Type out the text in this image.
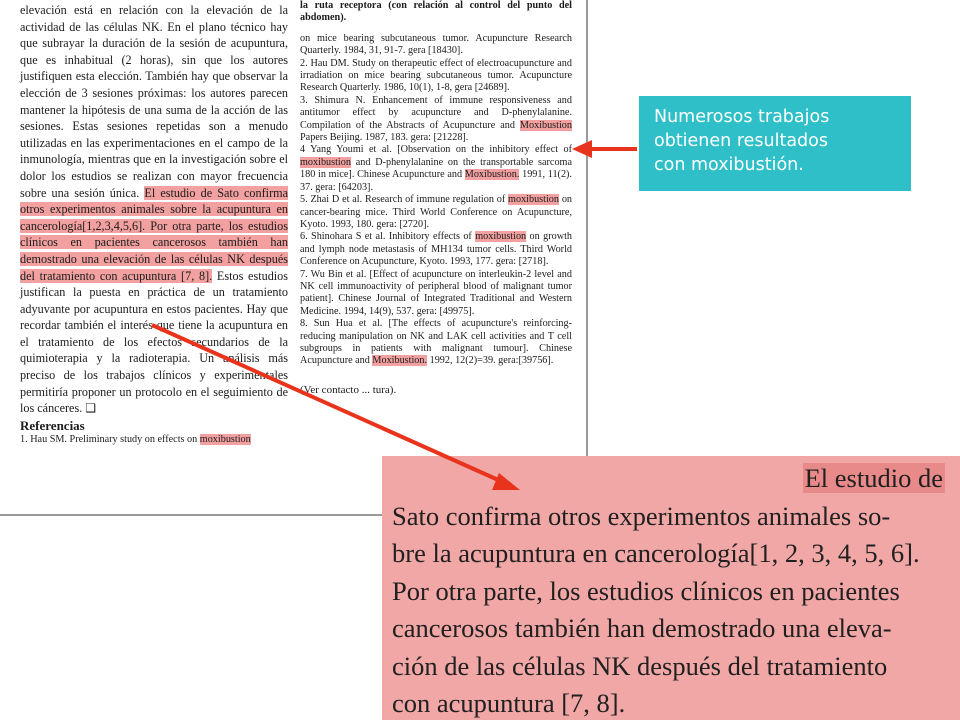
elevación está en relación con la elevación de la actividad de las células NK. En el plano técnico hay que subrayar la duración de la sesión de acupuntura, que es inhabitual (2 horas), sin que los autores justifiquen esta elección. También hay que observar la elección de 3 sesiones próximas: los autores parecen mantener la hipótesis de una suma de la acción de las sesiones. Estas sesiones repetidas son a menudo utilizadas en las experimentaciones en el campo de la inmunología, mientras que en la investigación sobre el dolor los estudios se realizan con mayor frecuencia sobre una sesión única. El estudio de Sato confirma otros experimentos animales sobre la acupuntura en cancerología[1,2,3,4,5,6]. Por otra parte, los estudios clínicos en pacientes cancerosos también han demostrado una elevación de las células NK después del tratamiento con acupuntura [7, 8]. Estos estudios justifican la puesta en práctica de un tratamiento adyuvante por acupuntura en estos pacientes. Hay que recordar también el interés que tiene la acupuntura en el tratamiento de los efectos secundarios de la quimioterapia y la radioterapia. Un análisis más preciso de los trabajos clínicos y experimentales permitiría proponer un protocolo en el seguimiento de los cánceres. ❑

Referencias

1. Hau SM. Preliminary study on effects on moxibustion

la ruta receptora (con relación al control del punto del abdomen).

on mice bearing subcutaneous tumor. Acupuncture Research Quarterly. 1984, 31, 91-7. gera [18430].

2. Hau DM. Study on therapeutic effect of electroacupuncture and irradiation on mice bearing subcutaneous tumor. Acupuncture Research Quarterly. 1986, 10(1), 1-8, gera [24689].

3. Shimura N. Enhancement of immune responsiveness and antitumor effect by acupuncture and D-phenylalanine. Compilation of the Abstracts of Acupuncture and Moxibustion Papers Beijing. 1987, 183. gera: [21228].

4 Yang Youmi et al. [Observation on the inhibitory effect of moxibustion and D-phenylalanine on the transportable sarcoma 180 in mice]. Chinese Acupuncture and Moxibustion. 1991, 11(2). 37. gera: [64203].

5. Zhai D et al. Research of immune regulation of moxibustion on cancer-bearing mice. Third World Conference on Acupuncture, Kyoto. 1993, 180. gera: [2720].

6. Shinohara S et al. Inhibitory effects of moxibustion on growth and lymph node metastasis of MH134 tumor cells. Third World Conference on Acupuncture, Kyoto. 1993, 177. gera: [2718].

7. Wu Bin et al. [Effect of acupuncture on interleukin-2 level and NK cell immunoactivity of peripheral blood of malignant tumor patient]. Chinese Journal of Integrated Traditional and Western Medicine. 1994, 14(9), 537. gera: [49975].

8. Sun Hua et al. [The effects of acupuncture's reinforcing-reducing manipulation on NK and LAK cell activities and T cell subgroups in patients with malignant tumour]. Chinese Acupuncture and Moxibustion. 1992, 12(2)=39. gera:[39756].

(Ver contacto ... tura).

Numerosos trabajos
obtienen resultados
con moxibustión.
El estudio de
Sato confirma otros experimentos animales so-
bre la acupuntura en cancerología[1, 2, 3, 4, 5, 6].
Por otra parte, los estudios clínicos en pacientes
cancerosos también han demostrado una eleva-
ción de las células NK después del tratamiento
con acupuntura [7, 8].
